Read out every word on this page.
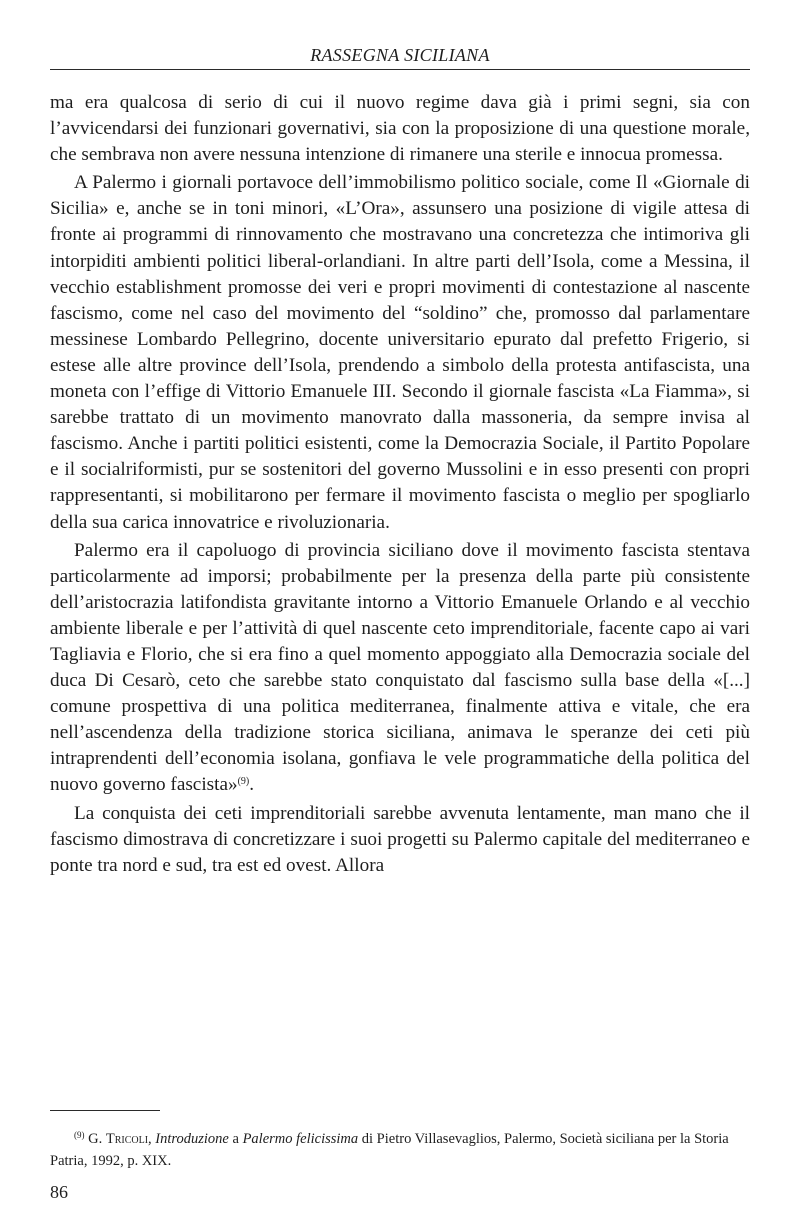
RASSEGNA SICILIANA

ma era qualcosa di serio di cui il nuovo regime dava già i primi segni, sia con l’avvicendarsi dei funzionari governativi, sia con la proposizione di una questione morale, che sembrava non avere nessuna intenzione di rimanere una sterile e innocua promessa.

A Palermo i giornali portavoce dell’immobilismo politico sociale, come Il «Giornale di Sicilia» e, anche se in toni minori, «L’Ora», assunsero una posizione di vigile attesa di fronte ai programmi di rinnovamento che mostravano una concretezza che intimoriva gli intorpiditi ambienti politici liberal-orlandiani. In altre parti dell’Isola, come a Messina, il vecchio establishment promosse dei veri e propri movimenti di contestazione al nascente fascismo, come nel caso del movimento del “soldino” che, promosso dal parlamentare messinese Lombardo Pellegrino, docente universitario epurato dal prefetto Frigerio, si estese alle altre province dell’Isola, prendendo a simbolo della protesta antifascista, una moneta con l’effige di Vittorio Emanuele III. Secondo il giornale fascista «La Fiamma», si sarebbe trattato di un movimento manovrato dalla massoneria, da sempre invisa al fascismo. Anche i partiti politici esistenti, come la Democrazia Sociale, il Partito Popolare e il socialriformisti, pur se sostenitori del governo Mussolini e in esso presenti con propri rappresentanti, si mobilitarono per fermare il movimento fascista o meglio per spogliarlo della sua carica innovatrice e rivoluzionaria.

Palermo era il capoluogo di provincia siciliano dove il movimento fascista stentava particolarmente ad imporsi; probabilmente per la presenza della parte più consistente dell’aristocrazia latifondista gravitante intorno a Vittorio Emanuele Orlando e al vecchio ambiente liberale e per l’attività di quel nascente ceto imprenditoriale, facente capo ai vari Tagliavia e Florio, che si era fino a quel momento appoggiato alla Democrazia sociale del duca Di Cesarò, ceto che sarebbe stato conquistato dal fascismo sulla base della «[...] comune prospettiva di una politica mediterranea, finalmente attiva e vitale, che era nell’ascendenza della tradizione storica siciliana, animava le speranze dei ceti più intraprendenti dell’economia isolana, gonfiava le vele programmatiche della politica del nuovo governo fascista»$^{(9)}$.

La conquista dei ceti imprenditoriali sarebbe avvenuta lentamente, man mano che il fascismo dimostrava di concretizzare i suoi progetti su Palermo capitale del mediterraneo e ponte tra nord e sud, tra est ed ovest. Allora

$^{(9)}$ G. Tricoli, Introduzione a Palermo felicissima di Pietro Villasevaglios, Palermo, Società siciliana per la Storia Patria, 1992, p. XIX.
86
